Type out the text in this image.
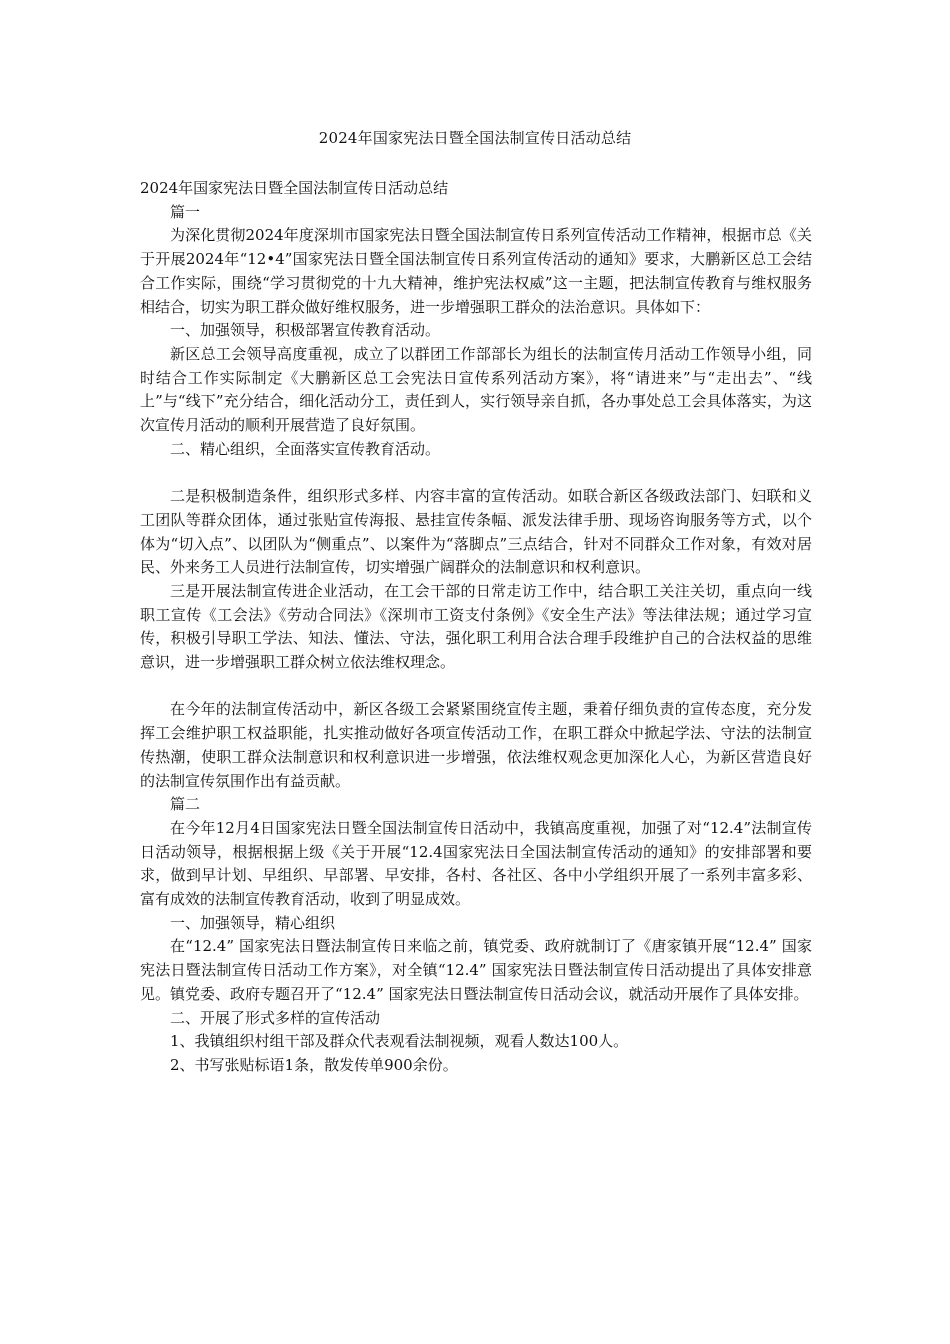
2024年国家宪法日暨全国法制宣传日活动总结

2024年国家宪法日暨全国法制宣传日活动总结

篇一

为深化贯彻2024年度深圳市国家宪法日暨全国法制宣传日系列宣传活动工作精神，根据市总《关于开展2024年“12•4”国家宪法日暨全国法制宣传日系列宣传活动的通知》要求，大鹏新区总工会结合工作实际，围绕“学习贯彻党的十九大精神，维护宪法权威”这一主题，把法制宣传教育与维权服务相结合，切实为职工群众做好维权服务，进一步增强职工群众的法治意识。具体如下：

一、加强领导，积极部署宣传教育活动。

新区总工会领导高度重视，成立了以群团工作部部长为组长的法制宣传月活动工作领导小组，同时结合工作实际制定《大鹏新区总工会宪法日宣传系列活动方案》，将“请进来”与“走出去”、“线上”与“线下”充分结合，细化活动分工，责任到人，实行领导亲自抓，各办事处总工会具体落实，为这次宣传月活动的顺利开展营造了良好氛围。

二、精心组织，全面落实宣传教育活动。

二是积极制造条件，组织形式多样、内容丰富的宣传活动。如联合新区各级政法部门、妇联和义工团队等群众团体，通过张贴宣传海报、悬挂宣传条幅、派发法律手册、现场咨询服务等方式，以个体为“切入点”、以团队为“侧重点”、以案件为“落脚点”三点结合，针对不同群众工作对象，有效对居民、外来务工人员进行法制宣传，切实增强广阔群众的法制意识和权利意识。

三是开展法制宣传进企业活动，在工会干部的日常走访工作中，结合职工关注关切，重点向一线职工宣传《工会法》《劳动合同法》《深圳市工资支付条例》《安全生产法》等法律法规；通过学习宣传，积极引导职工学法、知法、懂法、守法，强化职工利用合法合理手段维护自己的合法权益的思维意识，进一步增强职工群众树立依法维权理念。

在今年的法制宣传活动中，新区各级工会紧紧围绕宣传主题，秉着仔细负责的宣传态度，充分发挥工会维护职工权益职能，扎实推动做好各项宣传活动工作，在职工群众中掀起学法、守法的法制宣传热潮，使职工群众法制意识和权利意识进一步增强，依法维权观念更加深化人心，为新区营造良好的法制宣传氛围作出有益贡献。

篇二

在今年12月4日国家宪法日暨全国法制宣传日活动中，我镇高度重视，加强了对“12.4”法制宣传日活动领导，根据根据上级《关于开展“12.4国家宪法日全国法制宣传活动的通知》的安排部署和要求，做到早计划、早组织、早部署、早安排，各村、各社区、各中小学组织开展了一系列丰富多彩、富有成效的法制宣传教育活动，收到了明显成效。

一、加强领导，精心组织

在“12.4” 国家宪法日暨法制宣传日来临之前，镇党委、政府就制订了《唐家镇开展“12.4” 国家宪法日暨法制宣传日活动工作方案》，对全镇“12.4” 国家宪法日暨法制宣传日活动提出了具体安排意见。镇党委、政府专题召开了“12.4” 国家宪法日暨法制宣传日活动会议，就活动开展作了具体安排。

二、开展了形式多样的宣传活动

1、我镇组织村组干部及群众代表观看法制视频，观看人数达100人。

2、书写张贴标语1条，散发传单900余份。
